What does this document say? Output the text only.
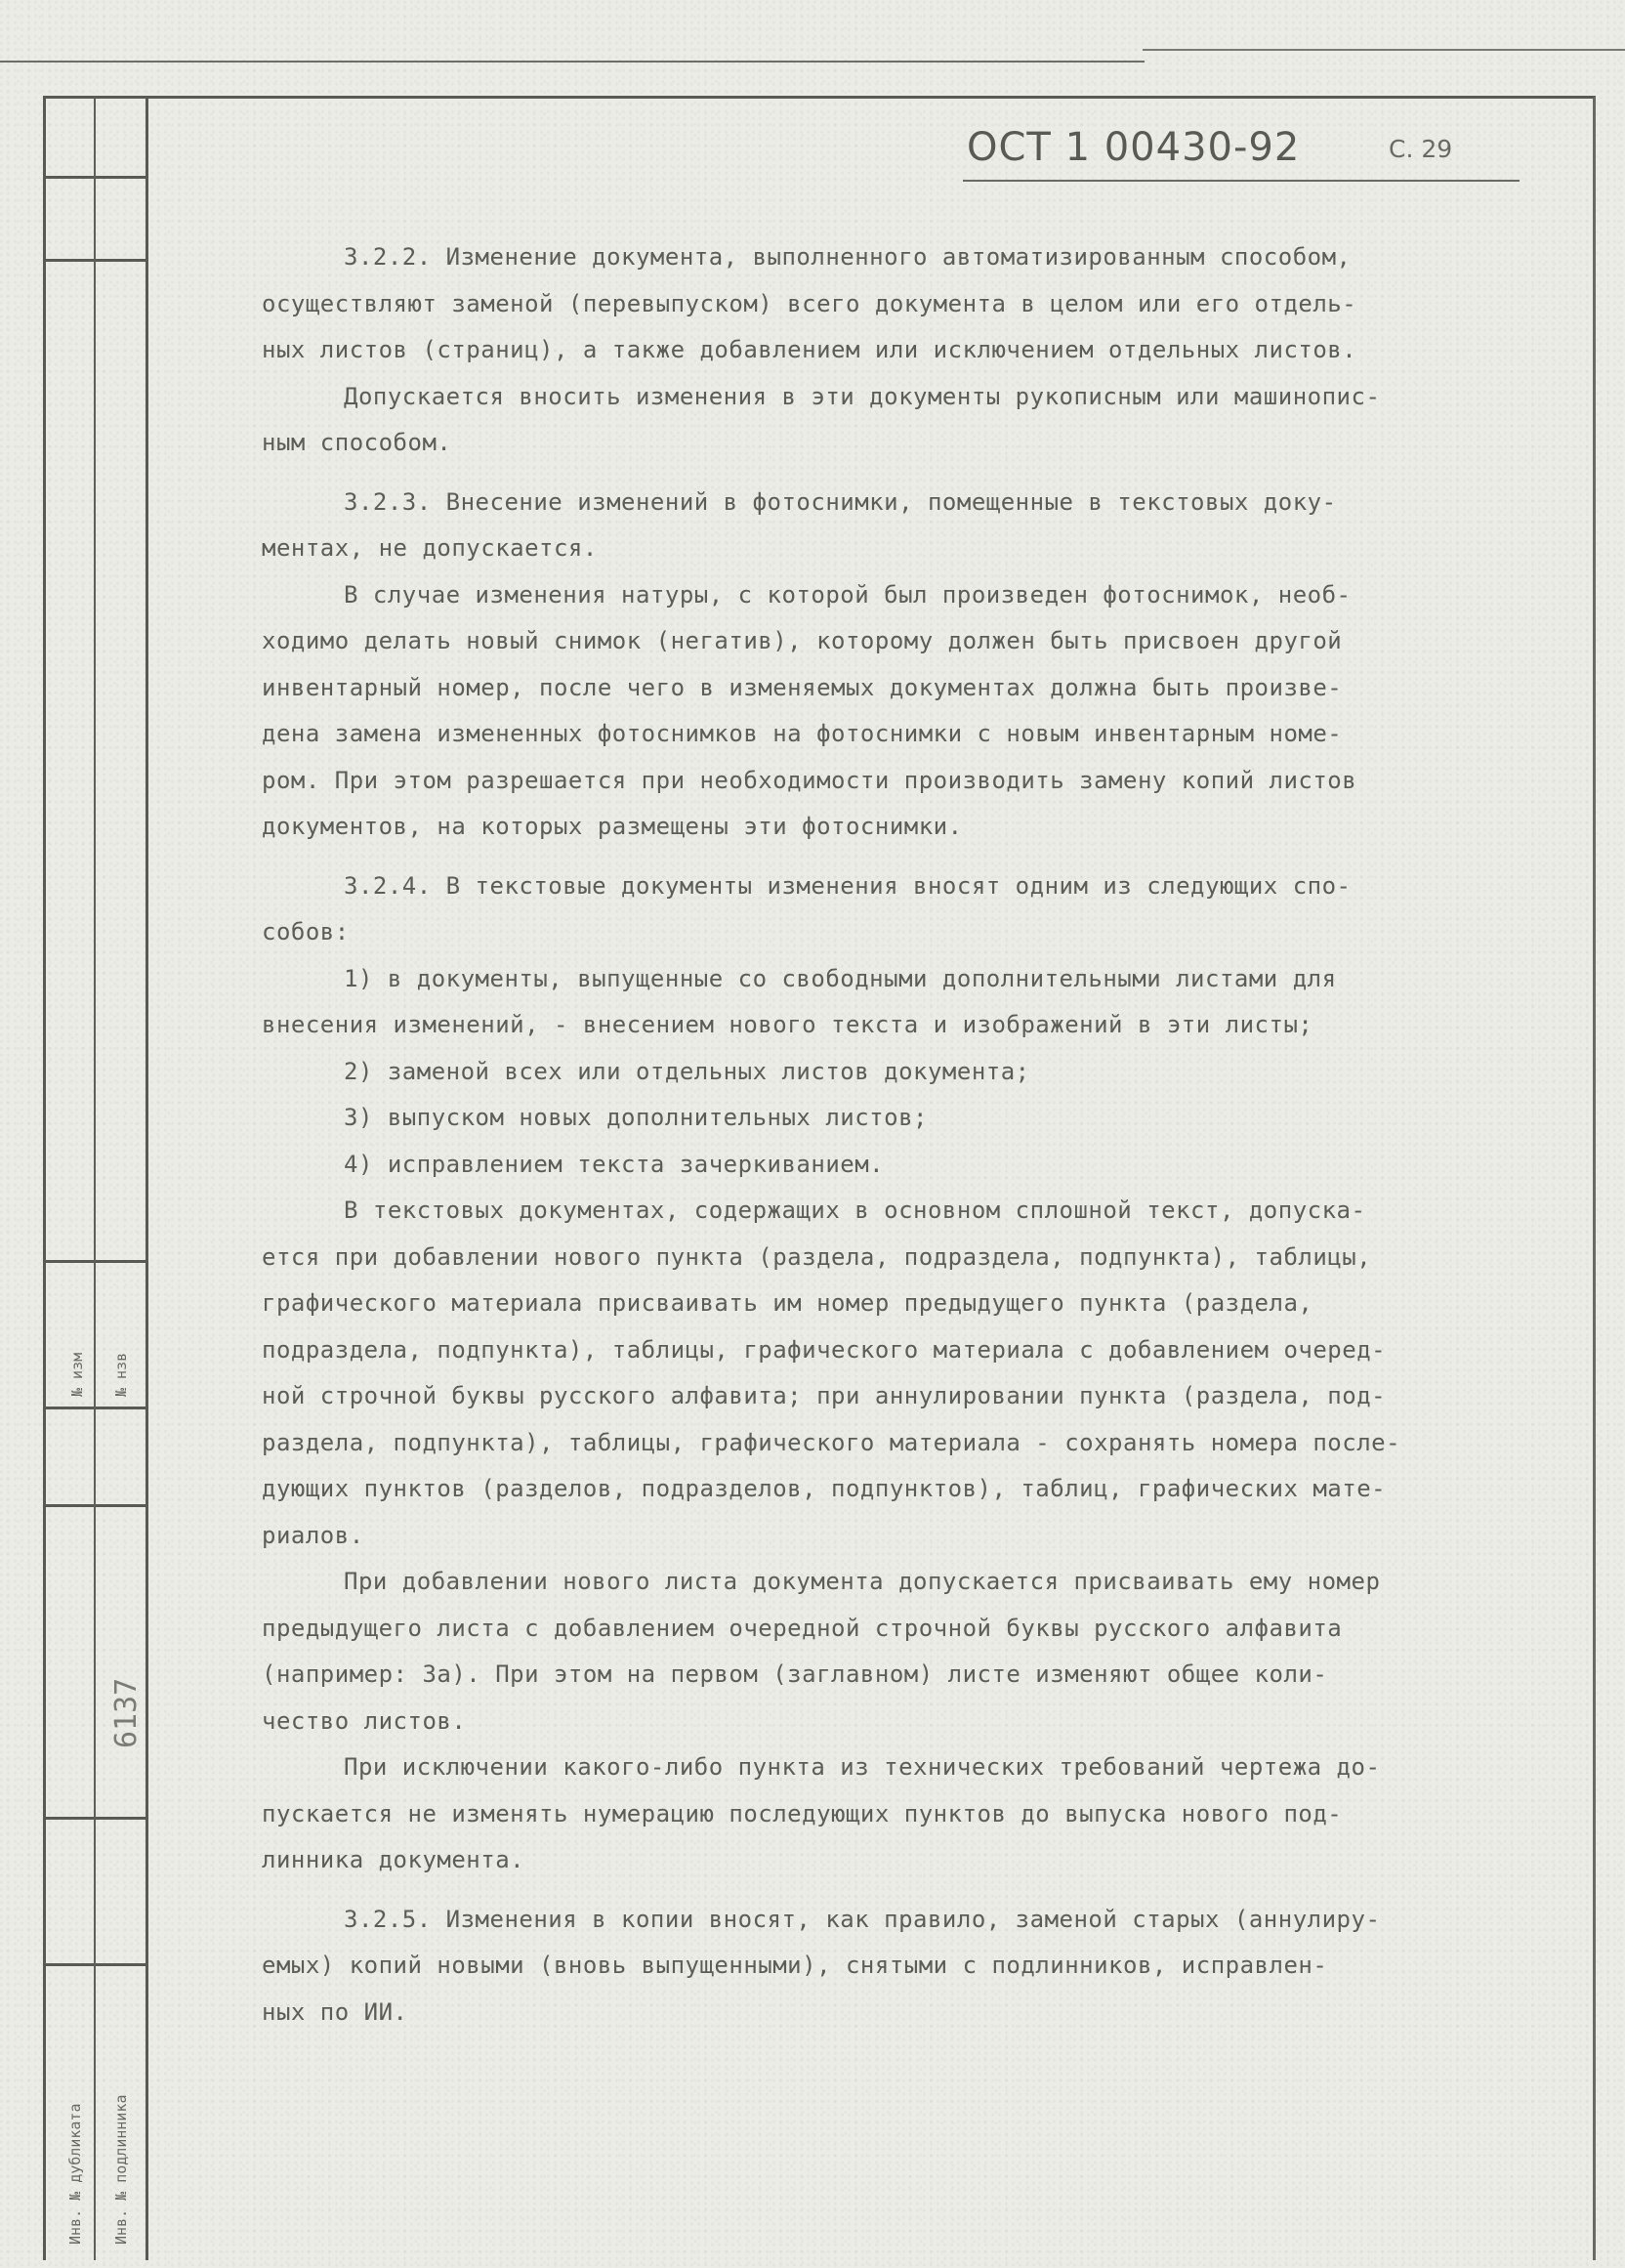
№ изм № нзв
6137
Инв. № дубликата Инв. № подлинника
ОСТ 1 00430-92	С. 29
3.2.2. Изменение документа, выполненного автоматизированным способом,
осуществляют заменой (перевыпуском) всего документа в целом или его отдель-
ных листов (страниц), а также добавлением или исключением отдельных листов.
Допускается вносить изменения в эти документы рукописным или машинопис-
ным способом.
3.2.3. Внесение изменений в фотоснимки, помещенные в текстовых доку-
ментах, не допускается.
В случае изменения натуры, с которой был произведен фотоснимок, необ-
ходимо делать новый снимок (негатив), которому должен быть присвоен другой
инвентарный номер, после чего в изменяемых документах должна быть произве-
дена замена измененных фотоснимков на фотоснимки с новым инвентарным номе-
ром. При этом разрешается при необходимости производить замену копий листов
документов, на которых размещены эти фотоснимки.
3.2.4. В текстовые документы изменения вносят одним из следующих спо-
собов:
1) в документы, выпущенные со свободными дополнительными листами для
внесения изменений, - внесением нового текста и изображений в эти листы;
2) заменой всех или отдельных листов документа;
3) выпуском новых дополнительных листов;
4) исправлением текста зачеркиванием.
В текстовых документах, содержащих в основном сплошной текст, допуска-
ется при добавлении нового пункта (раздела, подраздела, подпункта), таблицы,
графического материала присваивать им номер предыдущего пункта (раздела,
подраздела, подпункта), таблицы, графического материала с добавлением очеред-
ной строчной буквы русского алфавита; при аннулировании пункта (раздела, под-
раздела, подпункта), таблицы, графического материала - сохранять номера после-
дующих пунктов (разделов, подразделов, подпунктов), таблиц, графических мате-
риалов.
При добавлении нового листа документа допускается присваивать ему номер
предыдущего листа с добавлением очередной строчной буквы русского алфавита
(например: 3а). При этом на первом (заглавном) листе изменяют общее коли-
чество листов.
При исключении какого-либо пункта из технических требований чертежа до-
пускается не изменять нумерацию последующих пунктов до выпуска нового под-
линника документа.
3.2.5. Изменения в копии вносят, как правило, заменой старых (аннулиру-
емых) копий новыми (вновь выпущенными), снятыми с подлинников, исправлен-
ных по ИИ.
